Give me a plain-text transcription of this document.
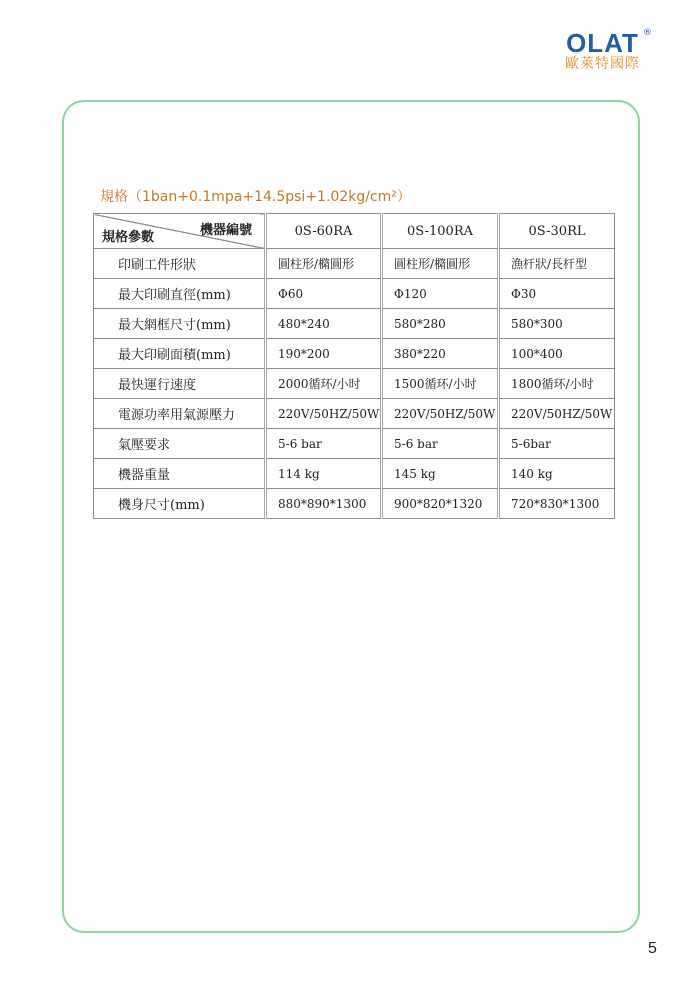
OLAT ®
歐萊特國際
規格（1ban+0.1mpa+14.5psi+1.02kg/cm²）
機器編號
規格參數	0S-60RA	0S-100RA	0S-30RL
印刷工件形狀	圓柱形/橢圓形	圓柱形/橢圓形	漁杆狀/長杆型
最大印刷直徑(mm)	Φ60	Φ120	Φ30
最大網框尺寸(mm)	480*240	580*280	580*300
最大印刷面積(mm)	190*200	380*220	100*400
最快運行速度	2000循环/小时	1500循环/小时	1800循环/小时
電源功率用氣源壓力	220V/50HZ/50W	220V/50HZ/50W	220V/50HZ/50W
氣壓要求	5-6 bar	5-6 bar	5-6bar
機器重量	114 kg	145 kg	140 kg
機身尺寸(mm)	880*890*1300	900*820*1320	720*830*1300
5
